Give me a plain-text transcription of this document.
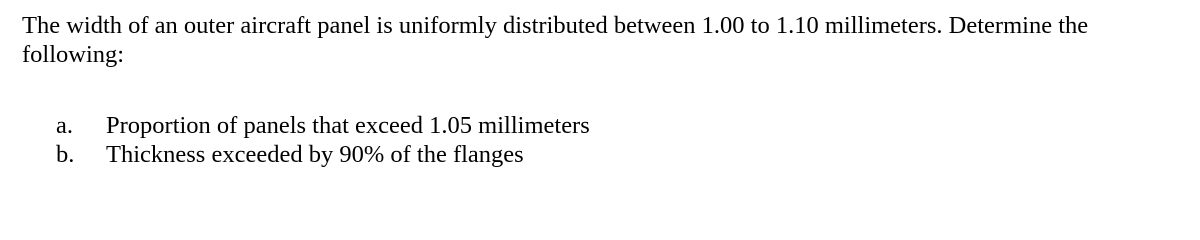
The width of an outer aircraft panel is uniformly distributed between 1.00 to 1.10 millimeters. Determine the following:

a. Proportion of panels that exceed 1.05 millimeters
b. Thickness exceeded by 90% of the flanges
